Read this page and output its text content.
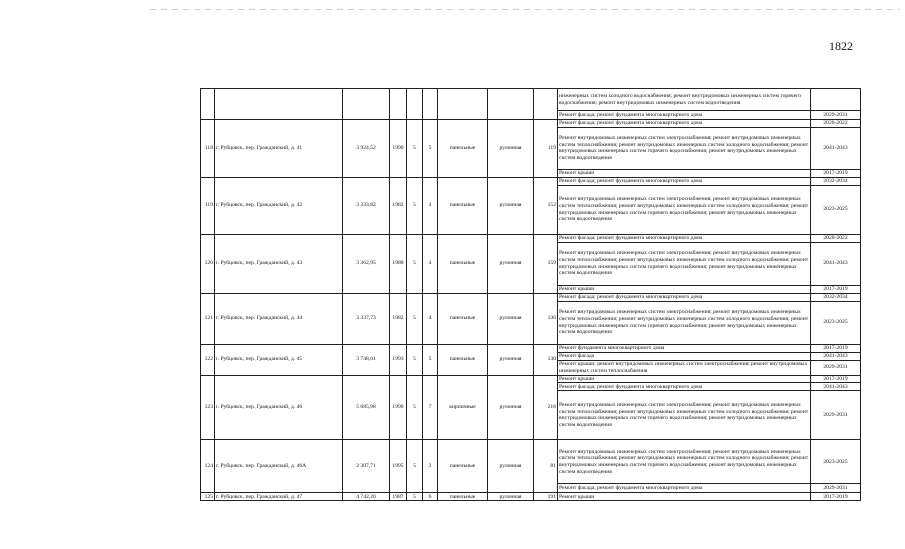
1822
									инженерных систем холодного водоснабжения; ремонт внутридомовых инженерных систем горячего водоснабжения; ремонт внутридомовых инженерных систем водоотведения	
									Ремонт фасада; ремонт фундамента многоквартирного дома	2029-2031
118	г. Рубцовск, пер. Гражданский, д. 41	3 924,52	1990	5	5	панельные	рулонная	119	Ремонт фасада; ремонт фундамента многоквартирного дома	2020-2022
									Ремонт внутридомовых инженерных систем электроснабжения; ремонт внутридомовых инженерных систем теплоснабжения; ремонт внутридомовых инженерных систем холодного водоснабжения; ремонт внутридомовых инженерных систем горячего водоснабжения; ремонт внутридомовых инженерных систем водоотведения	2041-2043
									Ремонт крыши	2017-2019
119	г. Рубцовск, пер. Гражданский, д. 42	3 333,82	1982	5	4	панельные	рулонная	152	Ремонт фасада; ремонт фундамента многоквартирного дома	2032-2034
									Ремонт внутридомовых инженерных систем электроснабжения; ремонт внутридомовых инженерных систем теплоснабжения; ремонт внутридомовых инженерных систем холодного водоснабжения; ремонт внутридомовых инженерных систем горячего водоснабжения; ремонт внутридомовых инженерных систем водоотведения	2023-2025
120	г. Рубцовск, пер. Гражданский, д. 43	3 362,95	1988	5	4	панельные	рулонная	159	Ремонт фасада; ремонт фундамента многоквартирного дома	2020-2022
									Ремонт внутридомовых инженерных систем электроснабжения; ремонт внутридомовых инженерных систем теплоснабжения; ремонт внутридомовых инженерных систем холодного водоснабжения; ремонт внутридомовых инженерных систем горячего водоснабжения; ремонт внутридомовых инженерных систем водоотведения	2041-2043
									Ремонт крыши	2017-2019
121	г. Рубцовск, пер. Гражданский, д. 44	3 337,73	1982	5	4	панельные	рулонная	136	Ремонт фасада; ремонт фундамента многоквартирного дома	2032-2034
									Ремонт внутридомовых инженерных систем электроснабжения; ремонт внутридомовых инженерных систем теплоснабжения; ремонт внутридомовых инженерных систем холодного водоснабжения; ремонт внутридомовых инженерных систем горячего водоснабжения; ремонт внутридомовых инженерных систем водоотведения	2023-2025
122	г. Рубцовск, пер. Гражданский, д. 45	3 748,61	1993	5	5	панельные	рулонная	130	Ремонт фундамента многоквартирного дома	2017-2019
									Ремонт фасада	2041-2043
									Ремонт крыши; ремонт внутридомовых инженерных систем электроснабжения; ремонт внутридомовых инженерных систем теплоснабжения	2029-2031
123	г. Рубцовск, пер. Гражданский, д. 46	5 685,98	1990	5	7	кирпичные	рулонная	216	Ремонт крыши	2017-2019
									Ремонт фасада; ремонт фундамента многоквартирного дома	2041-2043
									Ремонт внутридомовых инженерных систем электроснабжения; ремонт внутридомовых инженерных систем теплоснабжения; ремонт внутридомовых инженерных систем холодного водоснабжения; ремонт внутридомовых инженерных систем горячего водоснабжения; ремонт внутридомовых инженерных систем водоотведения	2029-2031
124	г. Рубцовск, пер. Гражданский, д. 46А	2 307,71	1995	5	3	панельные	рулонная	81	Ремонт внутридомовых инженерных систем электроснабжения; ремонт внутридомовых инженерных систем теплоснабжения; ремонт внутридомовых инженерных систем холодного водоснабжения; ремонт внутридомовых инженерных систем горячего водоснабжения; ремонт внутридомовых инженерных систем водоотведения	2023-2025
									Ремонт фасада; ремонт фундамента многоквартирного дома	2029-2031
125	г. Рубцовск, пер. Гражданский, д. 47	4 742,20	1987	5	6	панельные	рулонная	191	Ремонт крыши	2017-2019
